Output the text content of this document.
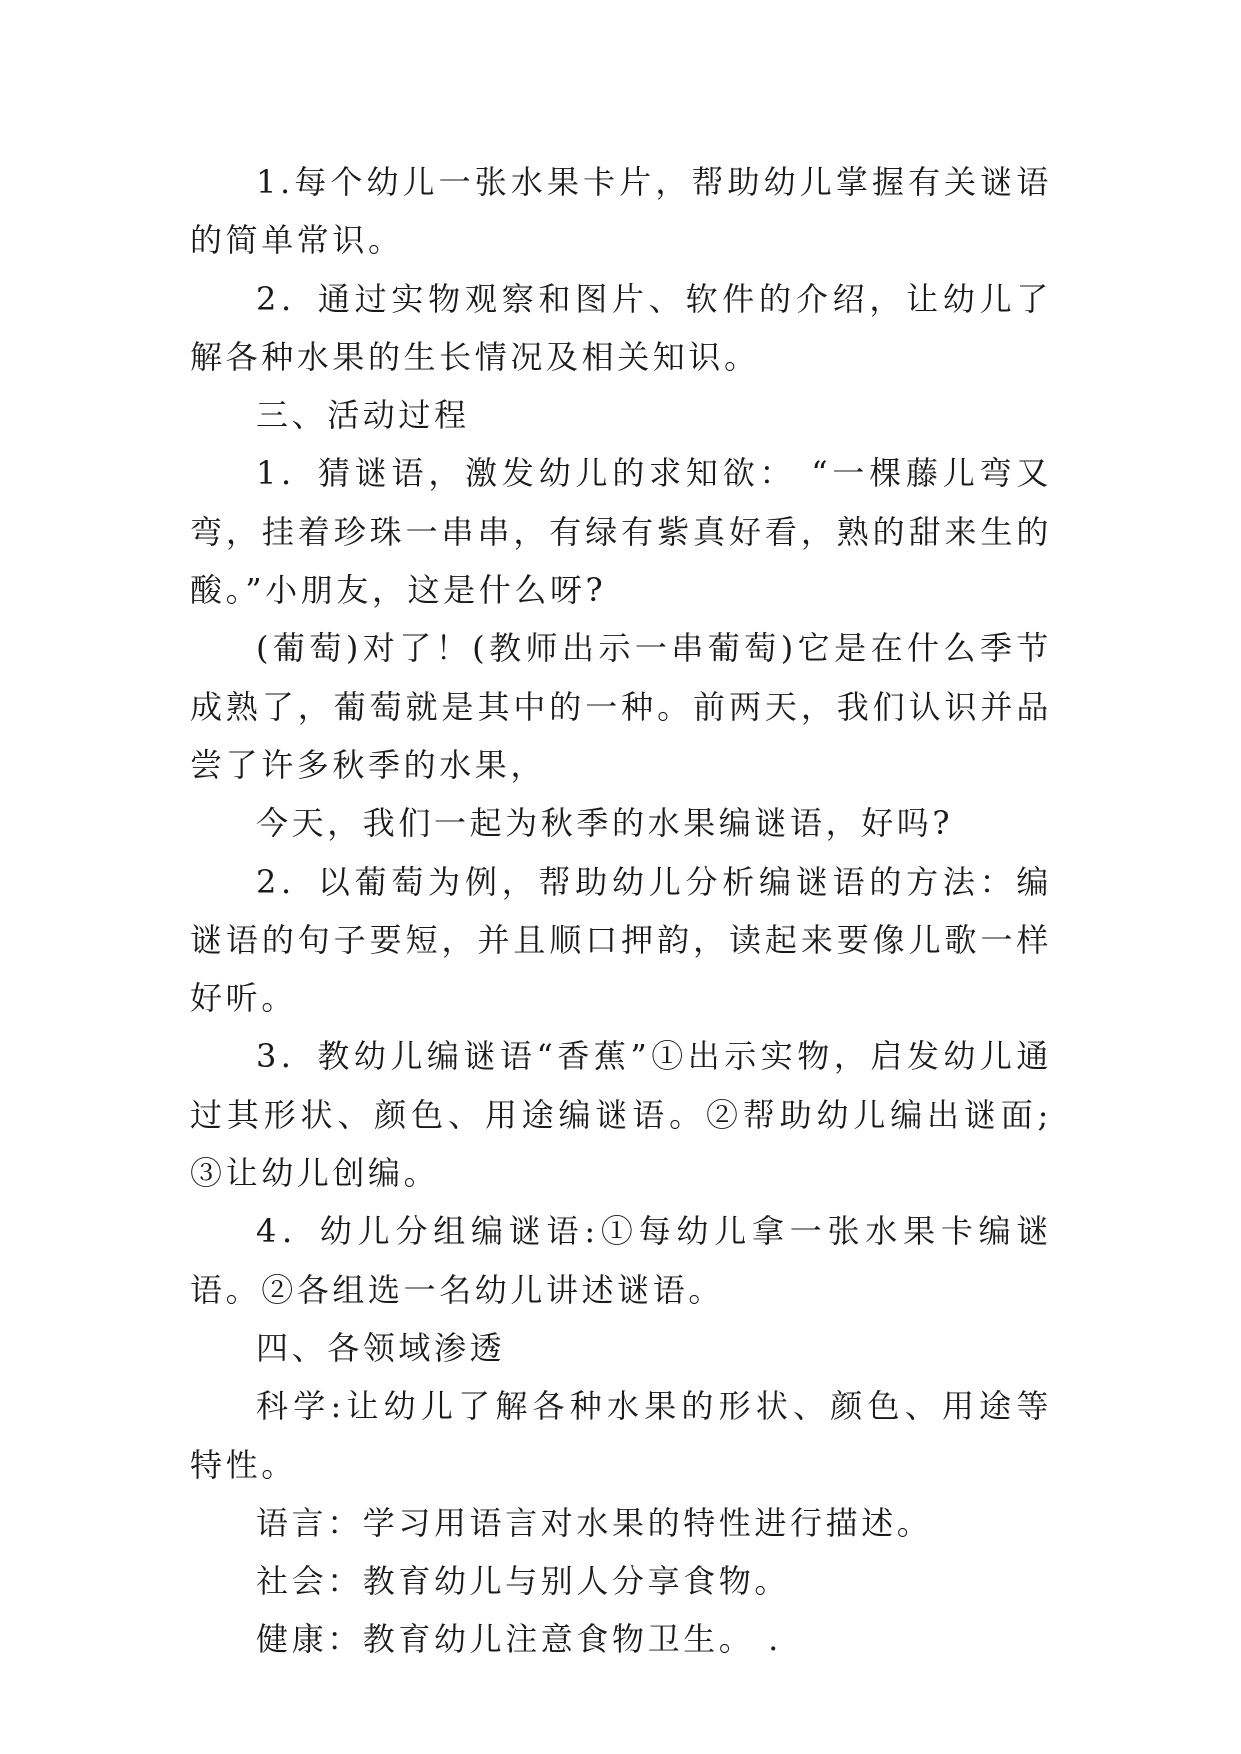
1.每个幼儿一张水果卡片，帮助幼儿掌握有关谜语的简单常识。

2．通过实物观察和图片、软件的介绍，让幼儿了解各种水果的生长情况及相关知识。

三、活动过程

1．猜谜语，激发幼儿的求知欲： “一棵藤儿弯又弯，挂着珍珠一串串，有绿有紫真好看，熟的甜来生的酸。”小朋友，这是什么呀?

(葡萄)对了！(教师出示一串葡萄)它是在什么季节成熟了，葡萄就是其中的一种。前两天，我们认识并品尝了许多秋季的水果，

今天，我们一起为秋季的水果编谜语，好吗?

2．以葡萄为例，帮助幼儿分析编谜语的方法：编谜语的句子要短，并且顺口押韵，读起来要像儿歌一样好听。

3．教幼儿编谜语“香蕉”①出示实物，启发幼儿通过其形状、颜色、用途编谜语。②帮助幼儿编出谜面;③让幼儿创编。

4．幼儿分组编谜语:①每幼儿拿一张水果卡编谜语。②各组选一名幼儿讲述谜语。

四、各领域渗透

科学:让幼儿了解各种水果的形状、颜色、用途等特性。

语言：学习用语言对水果的特性进行描述。

社会：教育幼儿与别人分享食物。

健康：教育幼儿注意食物卫生。 .
